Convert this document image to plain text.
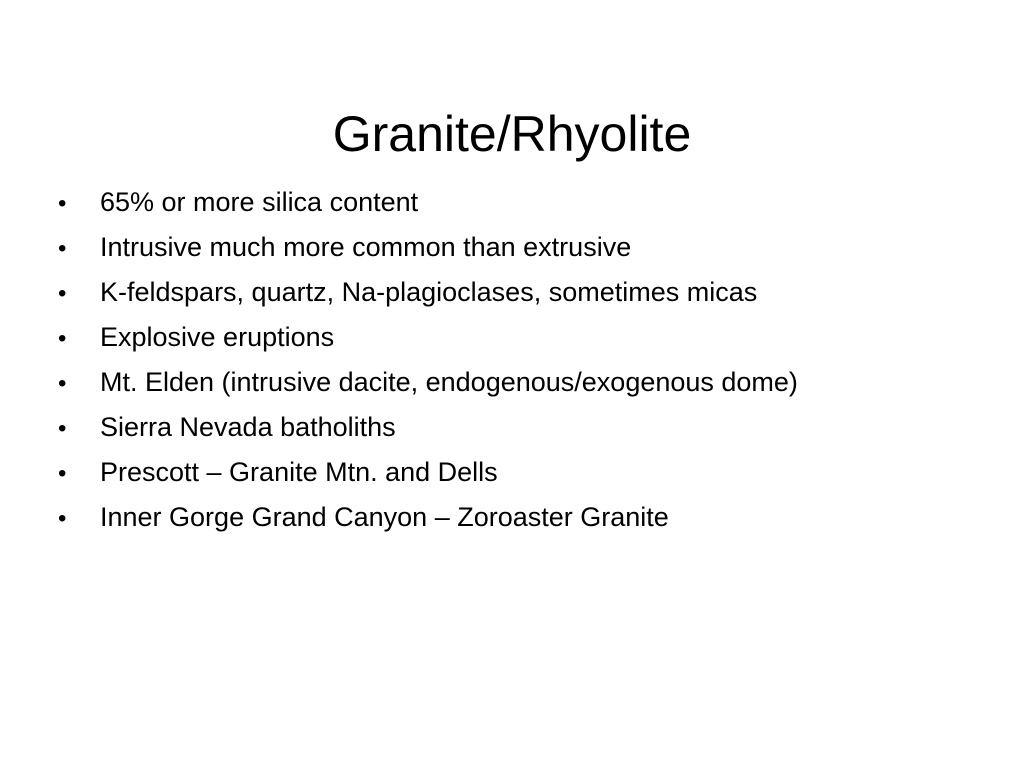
Granite/Rhyolite
•	65% or more silica content
•	Intrusive much more common than extrusive
•	K-feldspars, quartz, Na-plagioclases, sometimes micas
•	Explosive eruptions
•	Mt. Elden (intrusive dacite, endogenous/exogenous dome)
•	Sierra Nevada batholiths
•	Prescott – Granite Mtn. and Dells
•	Inner Gorge Grand Canyon – Zoroaster Granite
